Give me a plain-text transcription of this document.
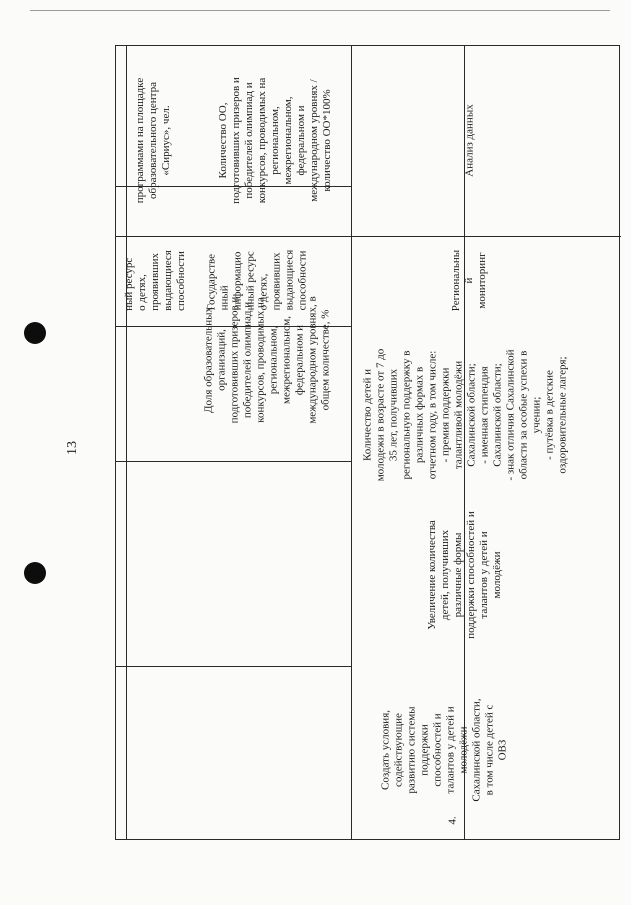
13
программами на площадке
образовательного центра
«Сириус», чел.
Доля образовательных
организаций,
подготовивших призеров и
победителей олимпиад и
конкурсов, проводимых на
региональном,
межрегиональном,
федеральном и
международном уровнях, в
общем количестве, %
ный ресурс
о детях,
проявивших
выдающиеся
способности Государстве
нный
информацио
нный ресурс
о детях,
проявивших
выдающиеся
способности
Количество ОО,
подготовивших призеров и
победителей олимпиад и
конкурсов, проводимых на
региональном,
межрегиональном,
федеральном и
международном уровнях /
количество ОО*100%
4.
Создать условия,
содействующие
развитию системы
поддержки
способностей и
талантов у детей и
молодёжи
Сахалинской области,
в том числе детей с
ОВЗ
Увеличение количества
детей, получивших
различные формы
поддержки способностей и
талантов у детей и
молодёжи
Количество детей и
молодежи в возрасте от 7 до
35 лет, получивших
региональную поддержку в
различных формах в
отчетном году, в том числе:
- премия поддержки
талантливой молодёжи
Сахалинской области;
- именная стипендия
Сахалинской области;
- знак отличия Сахалинской
области за особые успехи в
учении;
- путёвка в детские
оздоровительные лагеря;
Региональны
й
мониторинг
Анализ данных
